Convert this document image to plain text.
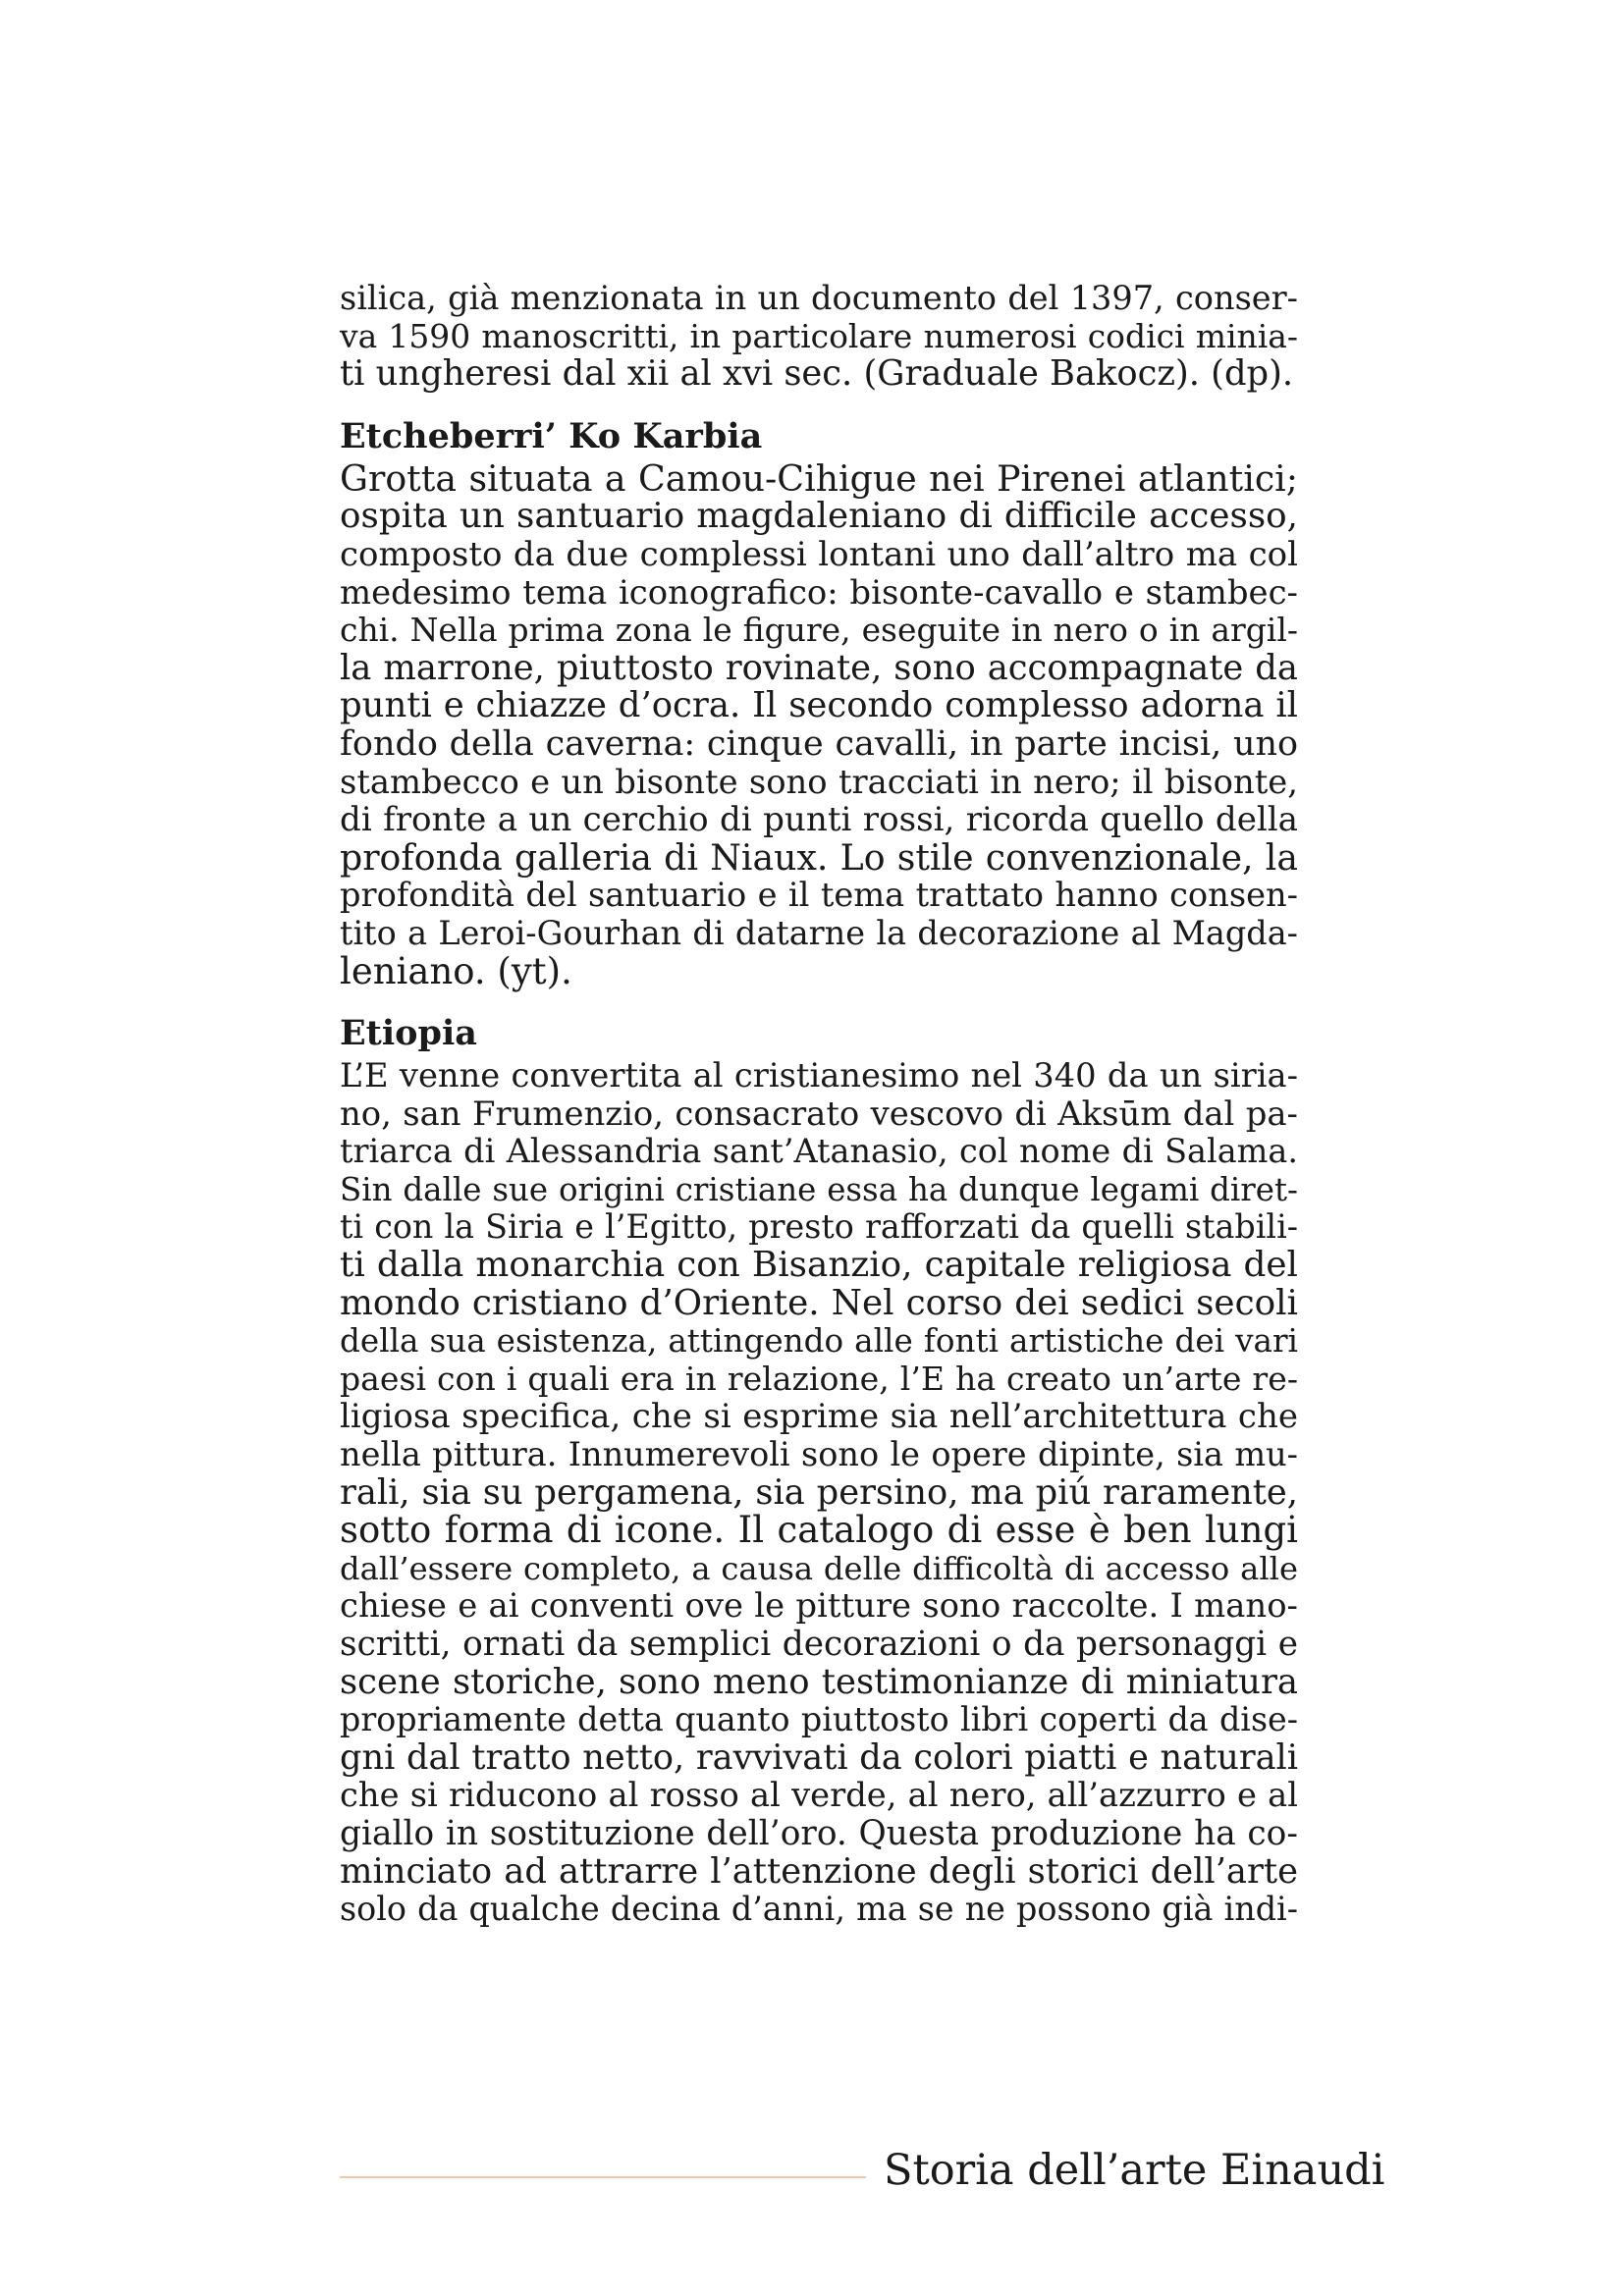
silica, già menzionata in un documento del 1397, conser-
va 1590 manoscritti, in particolare numerosi codici minia-
ti ungheresi dal xii al xvi sec. (Graduale Bakocz). (dp).
Etcheberri’ Ko Karbia
Grotta situata a Camou-Cihigue nei Pirenei atlantici;
ospita un santuario magdaleniano di difficile accesso,
composto da due complessi lontani uno dall’altro ma col
medesimo tema iconografico: bisonte-cavallo e stambec-
chi. Nella prima zona le figure, eseguite in nero o in argil-
la marrone, piuttosto rovinate, sono accompagnate da
punti e chiazze d’ocra. Il secondo complesso adorna il
fondo della caverna: cinque cavalli, in parte incisi, uno
stambecco e un bisonte sono tracciati in nero; il bisonte,
di fronte a un cerchio di punti rossi, ricorda quello della
profonda galleria di Niaux. Lo stile convenzionale, la
profondità del santuario e il tema trattato hanno consen-
tito a Leroi-Gourhan di datarne la decorazione al Magda-
leniano. (yt).
Etiopia
L’E venne convertita al cristianesimo nel 340 da un siria-
no, san Frumenzio, consacrato vescovo di Aksūm dal pa-
triarca di Alessandria sant’Atanasio, col nome di Salama.
Sin dalle sue origini cristiane essa ha dunque legami diret-
ti con la Siria e l’Egitto, presto rafforzati da quelli stabili-
ti dalla monarchia con Bisanzio, capitale religiosa del
mondo cristiano d’Oriente. Nel corso dei sedici secoli
della sua esistenza, attingendo alle fonti artistiche dei vari
paesi con i quali era in relazione, l’E ha creato un’arte re-
ligiosa specifica, che si esprime sia nell’architettura che
nella pittura. Innumerevoli sono le opere dipinte, sia mu-
rali, sia su pergamena, sia persino, ma piú raramente,
sotto forma di icone. Il catalogo di esse è ben lungi
dall’essere completo, a causa delle difficoltà di accesso alle
chiese e ai conventi ove le pitture sono raccolte. I mano-
scritti, ornati da semplici decorazioni o da personaggi e
scene storiche, sono meno testimonianze di miniatura
propriamente detta quanto piuttosto libri coperti da dise-
gni dal tratto netto, ravvivati da colori piatti e naturali
che si riducono al rosso al verde, al nero, all’azzurro e al
giallo in sostituzione dell’oro. Questa produzione ha co-
minciato ad attrarre l’attenzione degli storici dell’arte
solo da qualche decina d’anni, ma se ne possono già indi-
Storia dell’arte Einaudi
